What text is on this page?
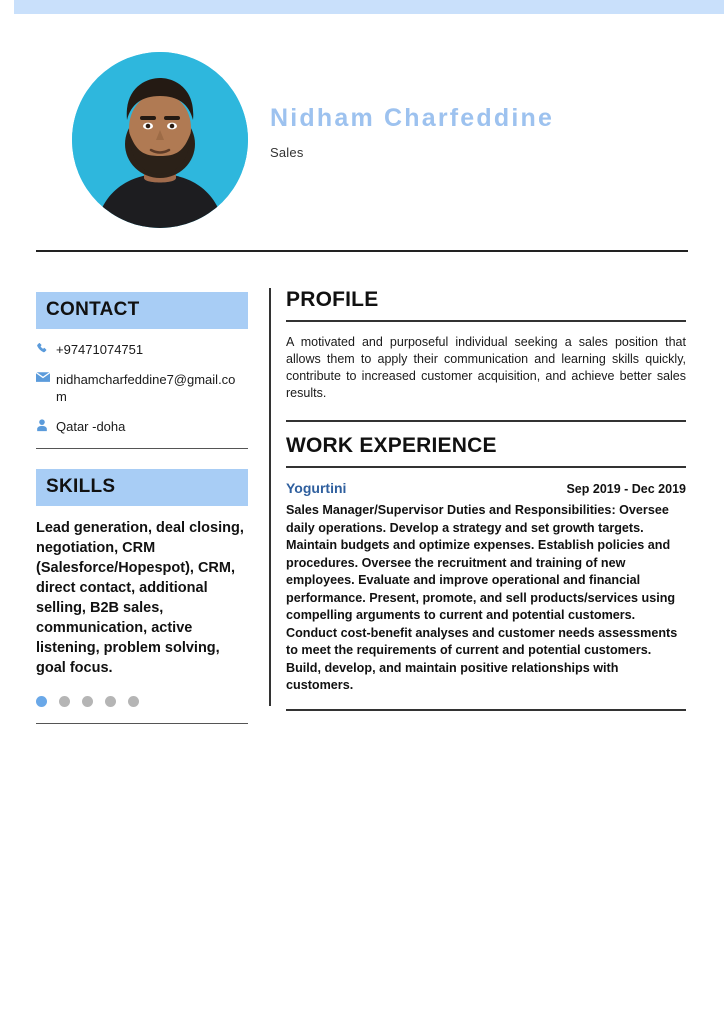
Nidham Charfeddine
Sales
CONTACT
+97471074751
nidhamcharfeddine7@gmail.com
Qatar -doha
SKILLS

Lead generation, deal closing, negotiation, CRM (Salesforce/Hopespot), CRM, direct contact, additional selling, B2B sales, communication, active listening, problem solving, goal focus.

PROFILE

A motivated and purposeful individual seeking a sales position that allows them to apply their communication and learning skills quickly, contribute to increased customer acquisition, and achieve better sales results.

WORK EXPERIENCE
Yogurtini	Sep 2019 - Dec 2019

Sales Manager/Supervisor Duties and Responsibilities: Oversee daily operations. Develop a strategy and set growth targets. Maintain budgets and optimize expenses. Establish policies and procedures. Oversee the recruitment and training of new employees. Evaluate and improve operational and financial performance. Present, promote, and sell products/services using compelling arguments to current and potential customers. Conduct cost-benefit analyses and customer needs assessments to meet the requirements of current and potential customers. Build, develop, and maintain positive relationships with customers.
